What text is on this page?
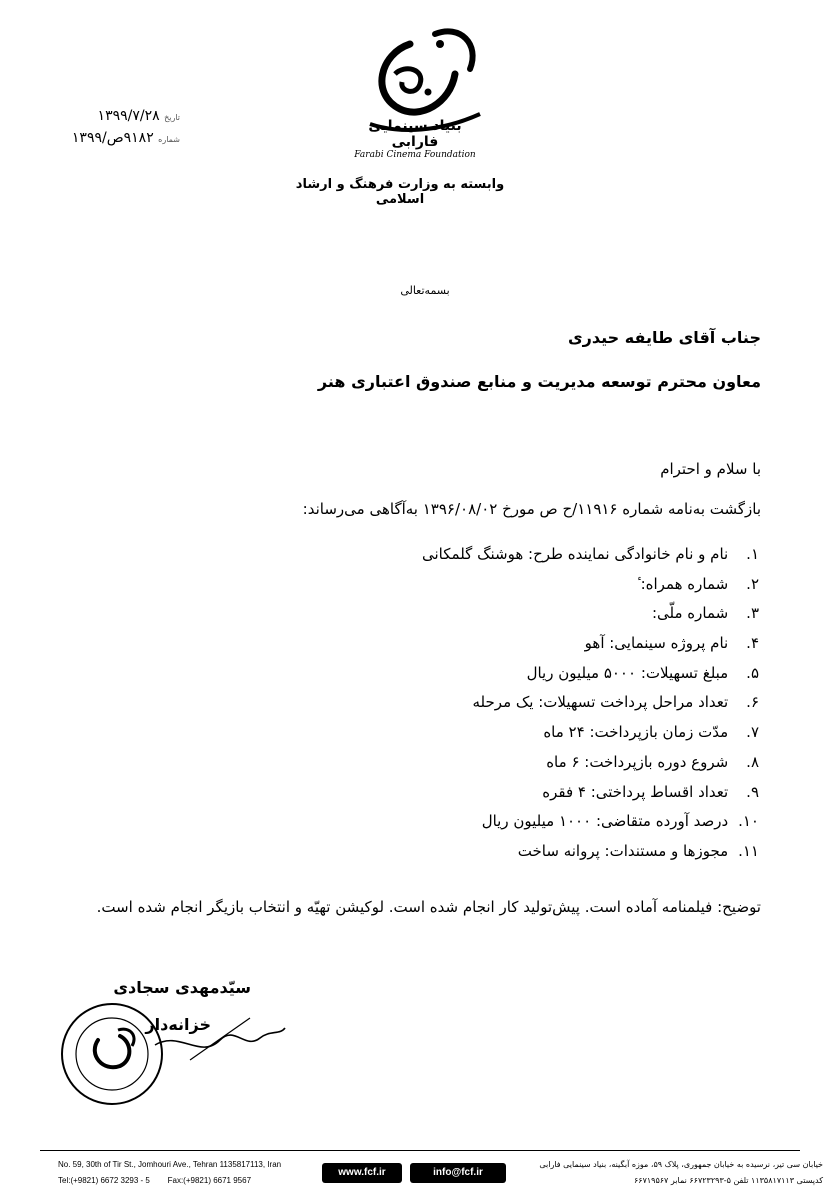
بنیاد سینمایی فارابی
Farabi Cinema Foundation
وابسته به وزارت فرهنگ و ارشاد اسلامی
تاریخ ۱۳۹۹/۷/۲۸
شماره ۹۱۸۲ص/۱۳۹۹
بسمه‌تعالی
جناب آقای طایفه حیدری
معاون محترم توسعه مدیریت و منابع صندوق اعتباری هنر
با سلام و احترام
بازگشت به‌نامه شماره ۱۱۹۱۶/ح ص مورخ ۱۳۹۶/۰۸/۰۲ به‌آگاهی می‌رساند:
۱. نام و نام خانوادگی نماینده طرح: هوشنگ گلمکانی
۲. شماره همراه: ٔ
۳. شماره ملّی:
۴. نام پروژه سینمایی: آهو
۵. مبلغ تسهیلات: ۵۰۰۰ میلیون ریال
۶. تعداد مراحل پرداخت تسهیلات: یک مرحله
۷. مدّت زمان بازپرداخت: ۲۴ ماه
۸. شروع دوره بازپرداخت: ۶ ماه
۹. تعداد اقساط پرداختی: ۴ فقره
۱۰. درصد آورده متقاضی: ۱۰۰۰ میلیون ریال
۱۱. مجوزها و مستندات: پروانه ساخت
توضیح: فیلمنامه آماده است. پیش‌تولید کار انجام شده است. لوکیشن تهیّه و انتخاب بازیگر انجام شده است.
سیّدمهدی سجادی
خزانه‌دار
No. 59, 30th of Tir St., Jomhouri Ave., Tehran 1135817113, Iran
Tel:(+9821) 6672 3293 - 5 Fax:(+9821) 6671 9567
www.fcf.ir	info@fcf.ir
خیابان سی تیر، نرسیده به خیابان جمهوری، پلاک ۵۹، موزه آبگینه، بنیاد سینمایی فارابی
کدپستی ۱۱۳۵۸۱۷۱۱۳ تلفن ۵-۶۶۷۲۳۲۹۳ نمابر ۶۶۷۱۹۵۶۷
